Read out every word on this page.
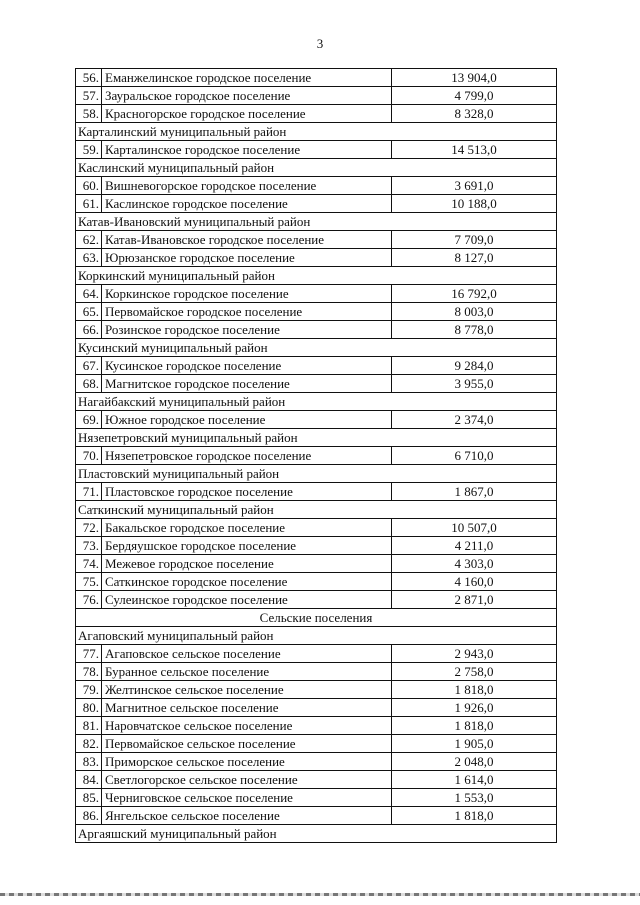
3
56.	Еманжелинское городское поселение	13 904,0
57.	Зауральское городское поселение	4 799,0
58.	Красногорское городское поселение	8 328,0
Карталинский муниципальный район		
59.	Карталинское городское поселение	14 513,0
Каслинский муниципальный район		
60.	Вишневогорское городское поселение	3 691,0
61.	Каслинское городское поселение	10 188,0
Катав-Ивановский муниципальный район		
62.	Катав-Ивановское городское поселение	7 709,0
63.	Юрюзанское городское поселение	8 127,0
Коркинский муниципальный район		
64.	Коркинское городское поселение	16 792,0
65.	Первомайское городское поселение	8 003,0
66.	Розинское городское поселение	8 778,0
Кусинский муниципальный район		
67.	Кусинское городское поселение	9 284,0
68.	Магнитское городское поселение	3 955,0
Нагайбакский муниципальный район		
69.	Южное городское поселение	2 374,0
Нязепетровский муниципальный район		
70.	Нязепетровское городское поселение	6 710,0
Пластовский муниципальный район		
71.	Пластовское городское поселение	1 867,0
Саткинский муниципальный район		
72.	Бакальское городское поселение	10 507,0
73.	Бердяушское городское поселение	4 211,0
74.	Межевое городское поселение	4 303,0
75.	Саткинское городское поселение	4 160,0
76.	Сулеинское городское поселение	2 871,0
Сельские поселения		
Агаповский муниципальный район		
77.	Агаповское сельское поселение	2 943,0
78.	Буранное сельское поселение	2 758,0
79.	Желтинское сельское поселение	1 818,0
80.	Магнитное сельское поселение	1 926,0
81.	Наровчатское сельское поселение	1 818,0
82.	Первомайское сельское поселение	1 905,0
83.	Приморское сельское поселение	2 048,0
84.	Светлогорское сельское поселение	1 614,0
85.	Черниговское сельское поселение	1 553,0
86.	Янгельское сельское поселение	1 818,0
Аргаяшский муниципальный район		
